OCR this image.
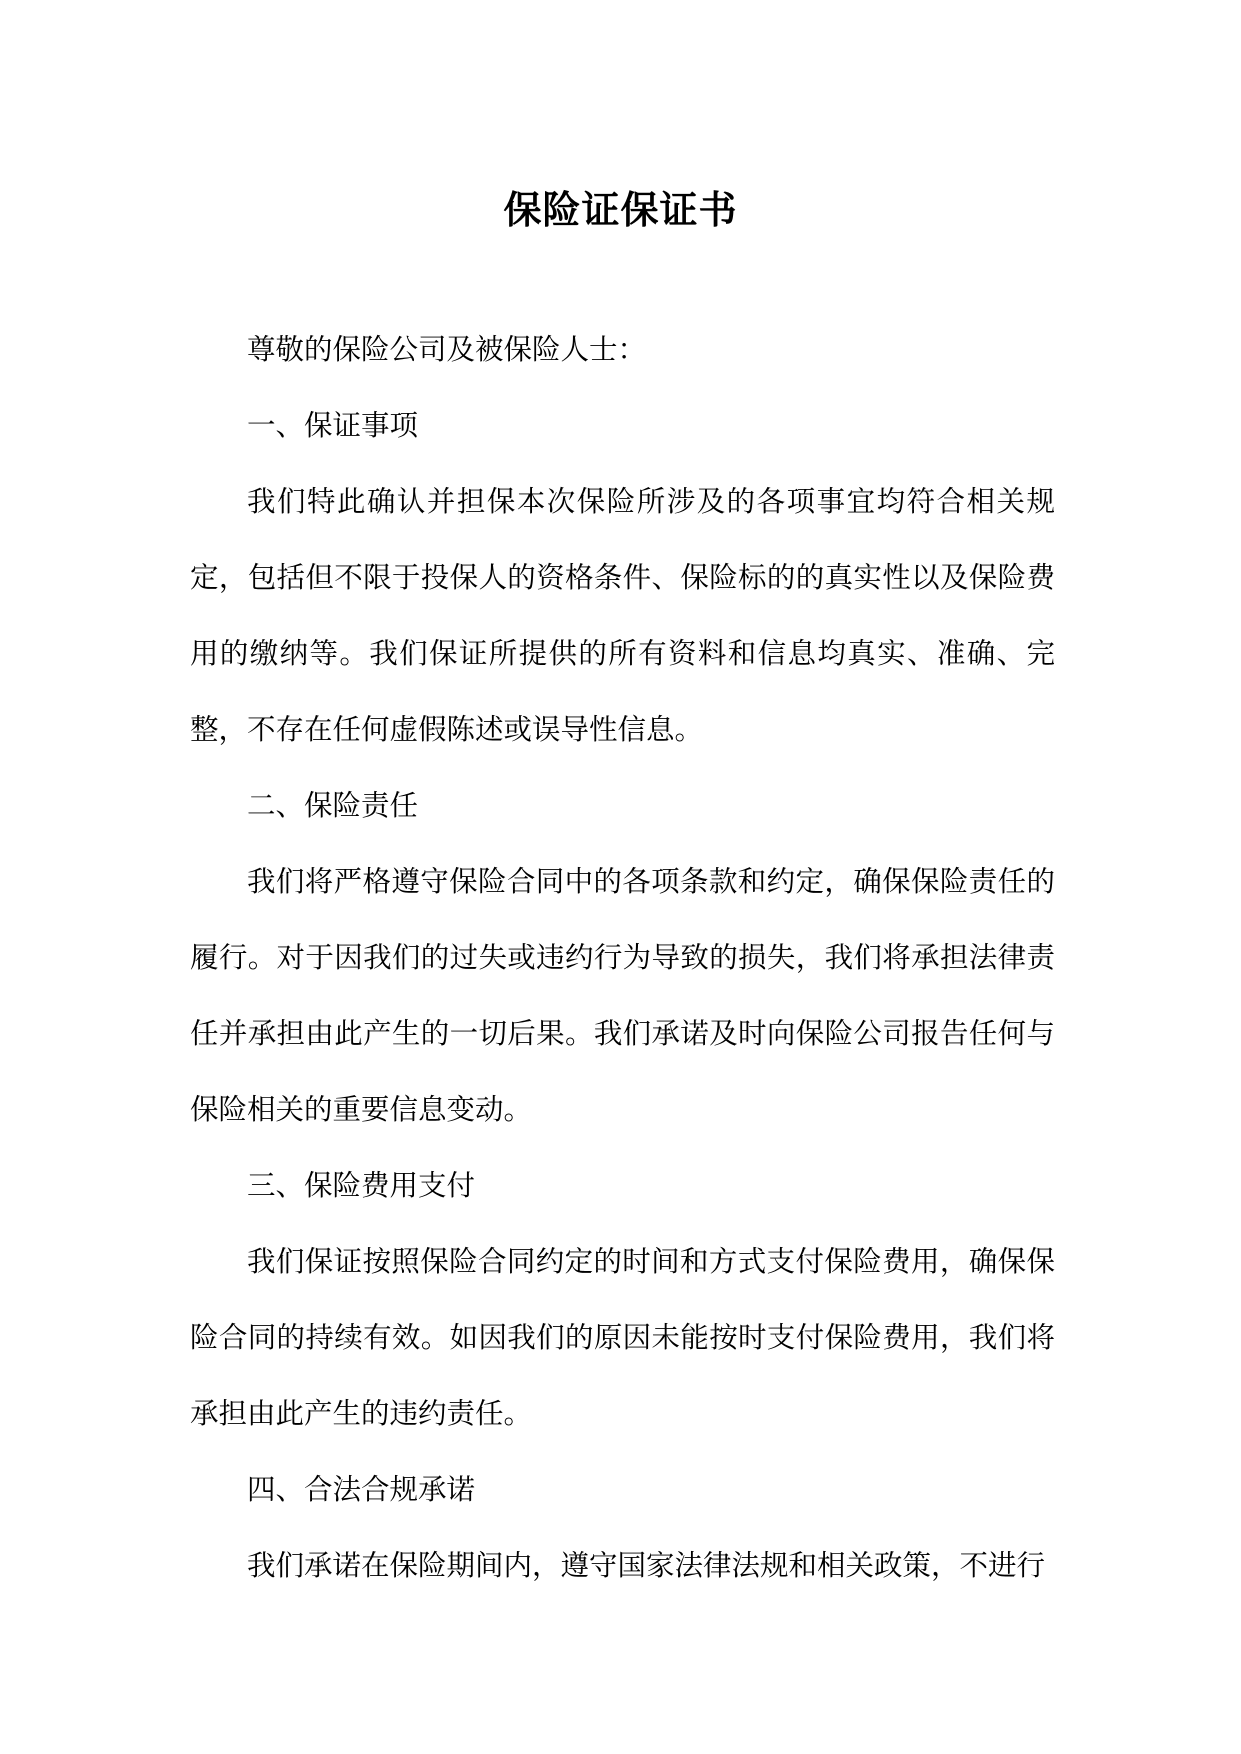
保险证保证书

尊敬的保险公司及被保险人士：

一、保证事项

我们特此确认并担保本次保险所涉及的各项事宜均符合相关规定，包括但不限于投保人的资格条件、保险标的的真实性以及保险费用的缴纳等。我们保证所提供的所有资料和信息均真实、准确、完整，不存在任何虚假陈述或误导性信息。

二、保险责任

我们将严格遵守保险合同中的各项条款和约定，确保保险责任的履行。对于因我们的过失或违约行为导致的损失，我们将承担法律责任并承担由此产生的一切后果。我们承诺及时向保险公司报告任何与保险相关的重要信息变动。

三、保险费用支付

我们保证按照保险合同约定的时间和方式支付保险费用，确保保险合同的持续有效。如因我们的原因未能按时支付保险费用，我们将承担由此产生的违约责任。

四、合法合规承诺

我们承诺在保险期间内，遵守国家法律法规和相关政策，不进行
